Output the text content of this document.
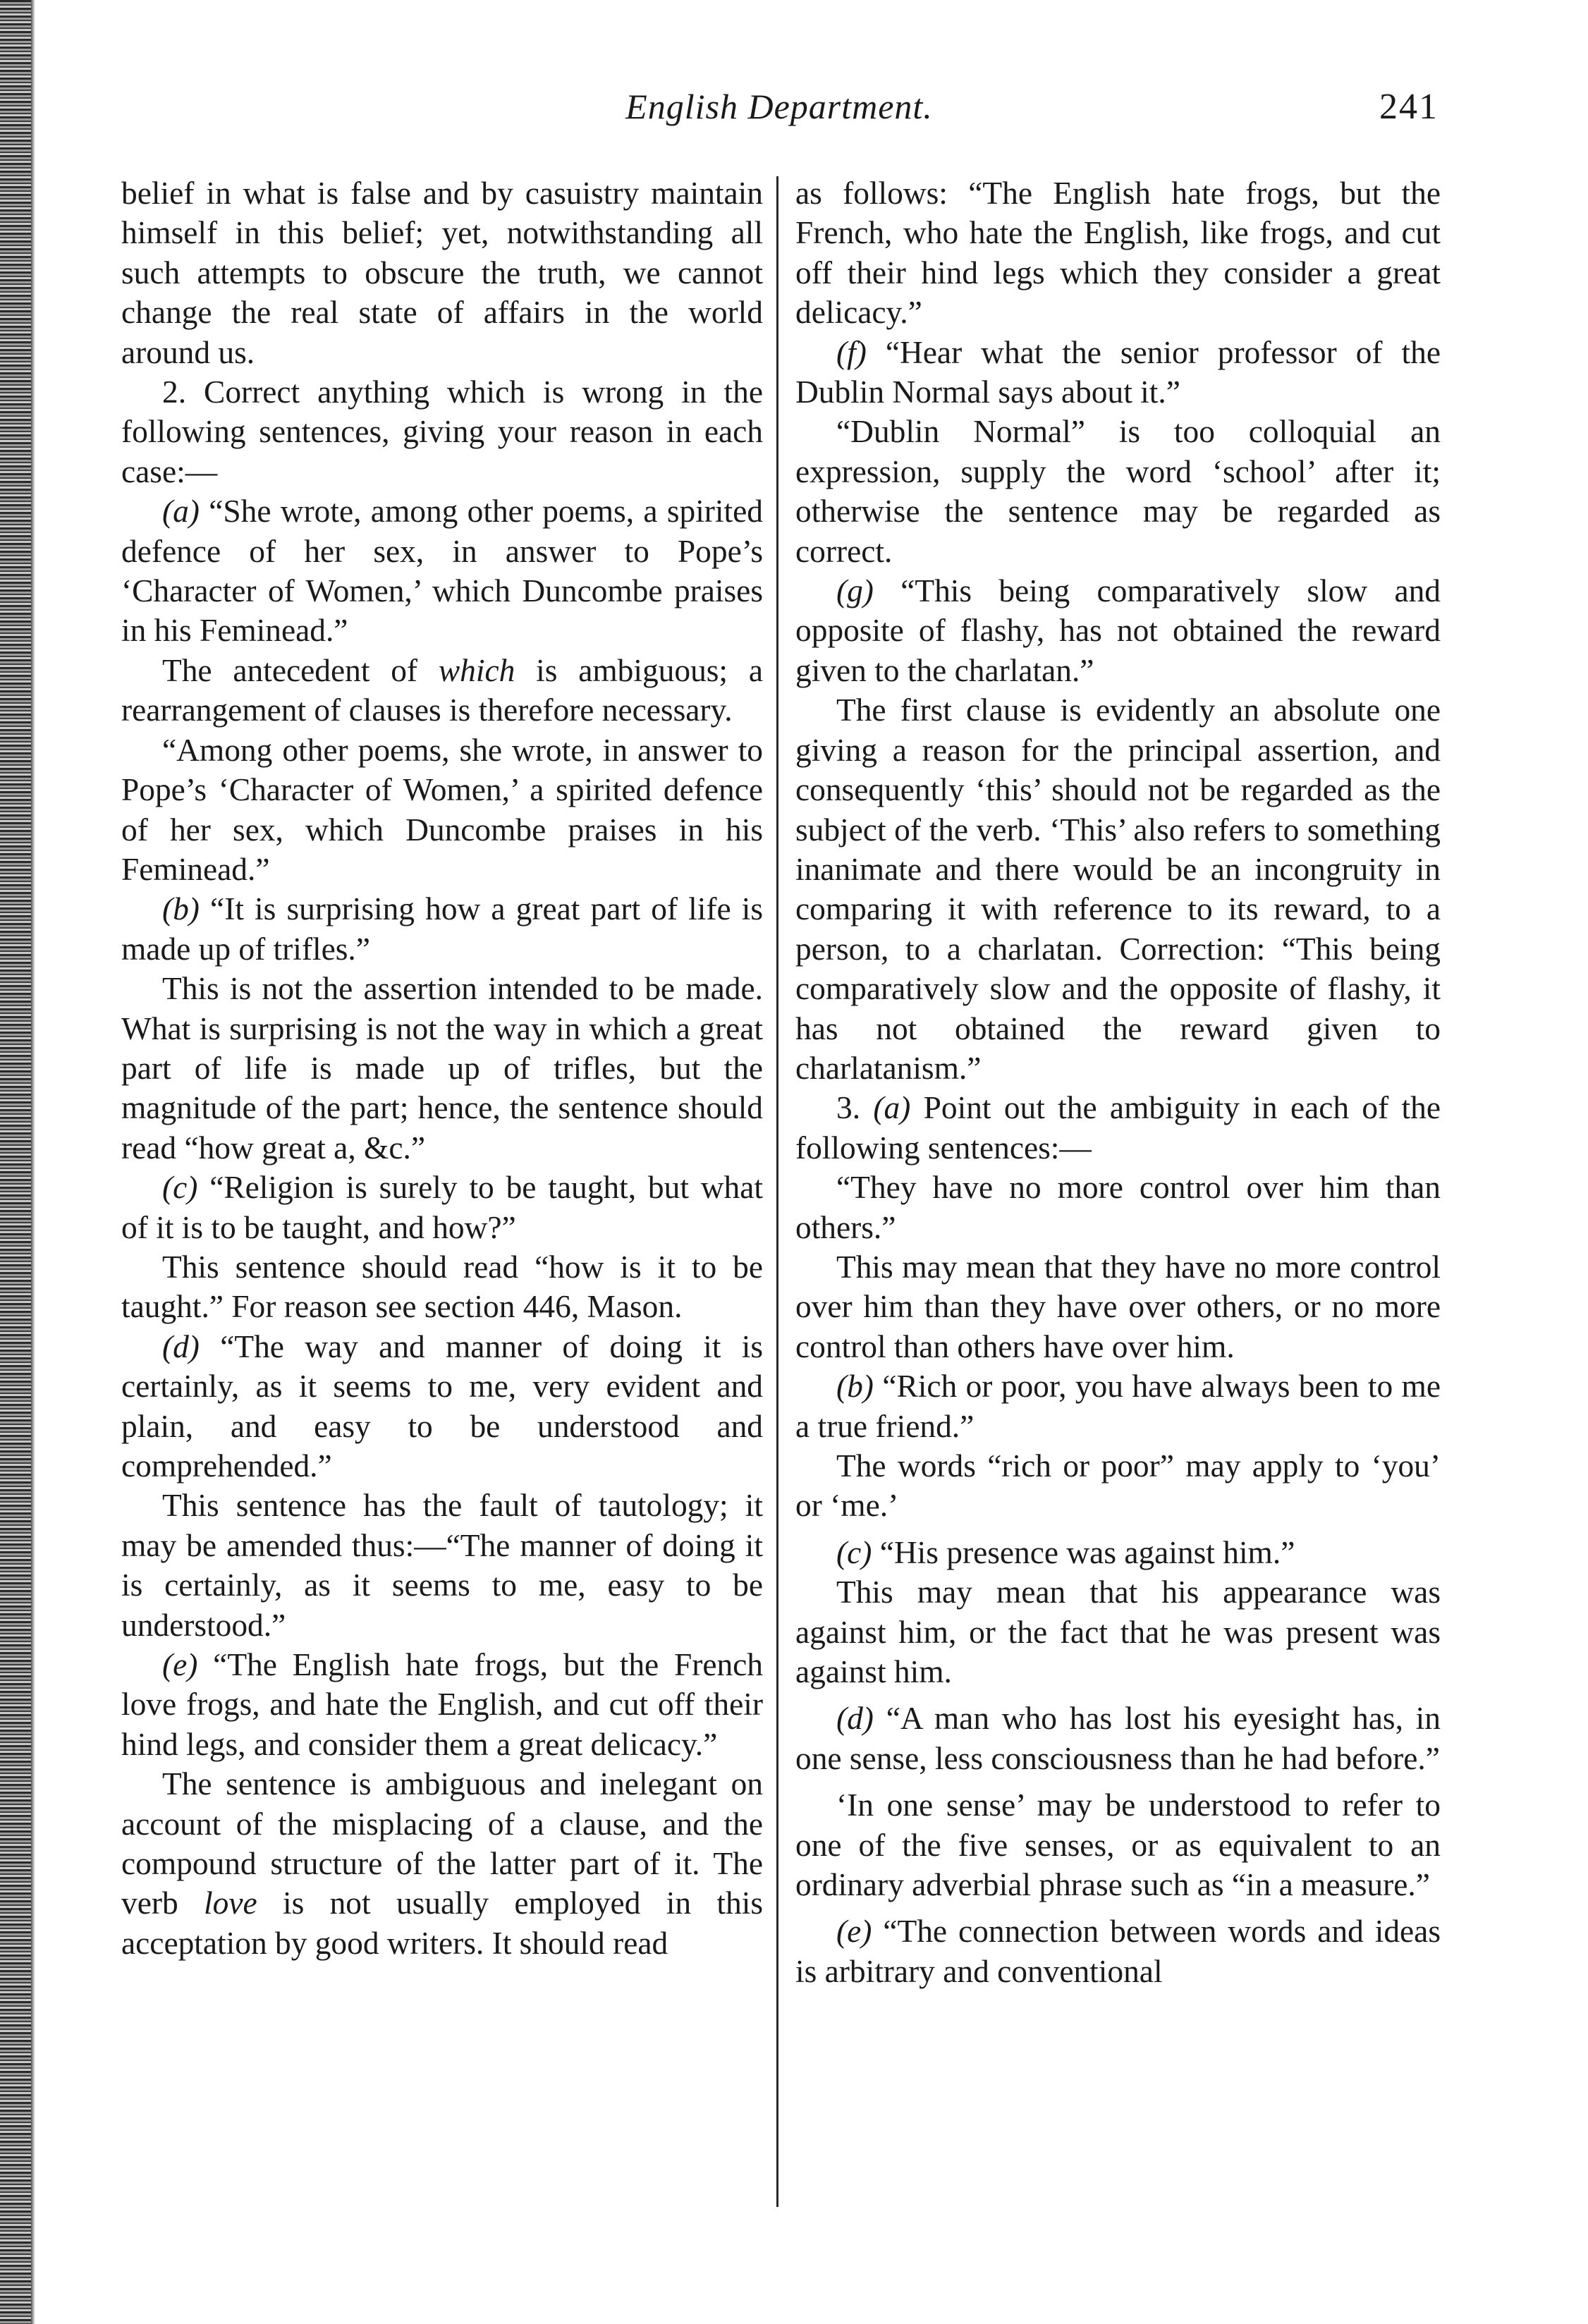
English Department.	241

belief in what is false and by casuistry maintain himself in this belief; yet, notwithstanding all such attempts to obscure the truth, we cannot change the real state of affairs in the world around us.

2. Correct anything which is wrong in the following sentences, giving your reason in each case:—

(a) “She wrote, among other poems, a spirited defence of her sex, in answer to Pope’s ‘Character of Women,’ which Duncombe praises in his Feminead.”

The antecedent of which is ambiguous; a rearrangement of clauses is therefore necessary.

“Among other poems, she wrote, in answer to Pope’s ‘Character of Women,’ a spirited defence of her sex, which Duncombe praises in his Feminead.”

(b) “It is surprising how a great part of life is made up of trifles.”

This is not the assertion intended to be made. What is surprising is not the way in which a great part of life is made up of trifles, but the magnitude of the part; hence, the sentence should read “how great a, &c.”

(c) “Religion is surely to be taught, but what of it is to be taught, and how?”

This sentence should read “how is it to be taught.” For reason see section 446, Mason.

(d) “The way and manner of doing it is certainly, as it seems to me, very evident and plain, and easy to be understood and comprehended.”

This sentence has the fault of tautology; it may be amended thus:—“The manner of doing it is certainly, as it seems to me, easy to be understood.”

(e) “The English hate frogs, but the French love frogs, and hate the English, and cut off their hind legs, and consider them a great delicacy.”

The sentence is ambiguous and inelegant on account of the misplacing of a clause, and the compound structure of the latter part of it. The verb love is not usually employed in this acceptation by good writers. It should read

as follows: “The English hate frogs, but the French, who hate the English, like frogs, and cut off their hind legs which they consider a great delicacy.”

(f) “Hear what the senior professor of the Dublin Normal says about it.”

“Dublin Normal” is too colloquial an expression, supply the word ‘school’ after it; otherwise the sentence may be regarded as correct.

(g) “This being comparatively slow and opposite of flashy, has not obtained the reward given to the charlatan.”

The first clause is evidently an absolute one giving a reason for the principal assertion, and consequently ‘this’ should not be regarded as the subject of the verb. ‘This’ also refers to something inanimate and there would be an incongruity in comparing it with reference to its reward, to a person, to a charlatan. Correction: “This being comparatively slow and the opposite of flashy, it has not obtained the reward given to charlatanism.”

3. (a) Point out the ambiguity in each of the following sentences:—

“They have no more control over him than others.”

This may mean that they have no more control over him than they have over others, or no more control than others have over him.

(b) “Rich or poor, you have always been to me a true friend.”

The words “rich or poor” may apply to ‘you’ or ‘me.’

(c) “His presence was against him.”

This may mean that his appearance was against him, or the fact that he was present was against him.

(d) “A man who has lost his eyesight has, in one sense, less consciousness than he had before.”

‘In one sense’ may be understood to refer to one of the five senses, or as equivalent to an ordinary adverbial phrase such as “in a measure.”

(e) “The connection between words and ideas is arbitrary and conventional
